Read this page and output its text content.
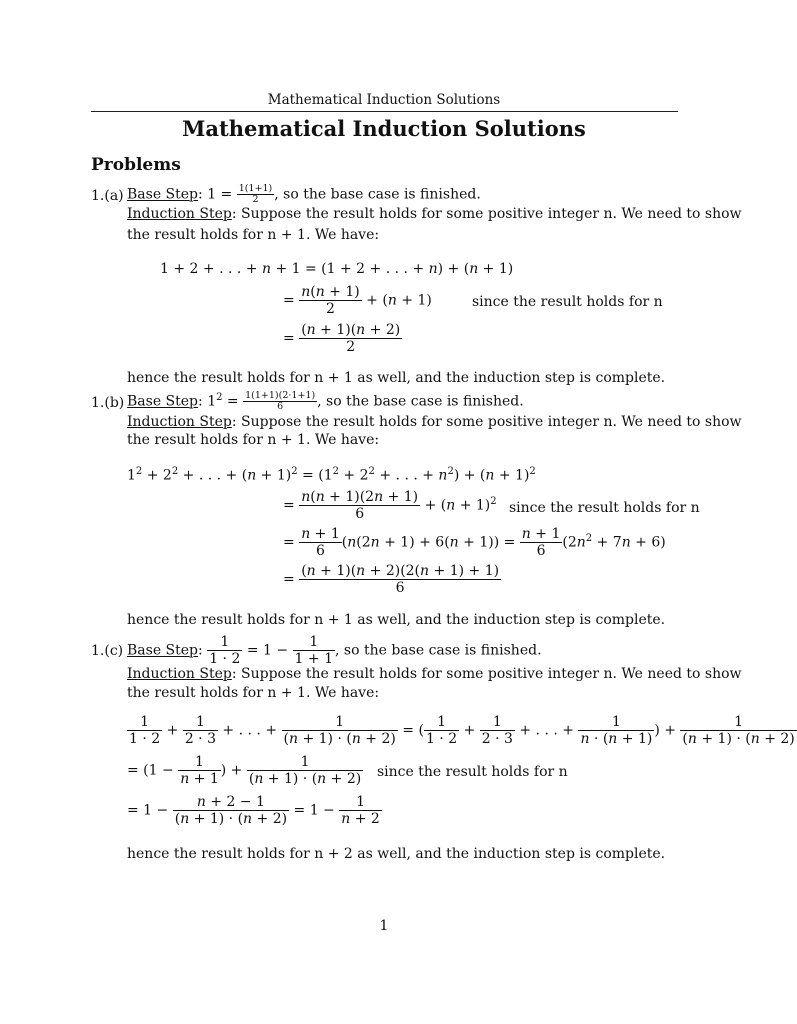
Mathematical Induction Solutions
Mathematical Induction Solutions
Problems
1.(a) Base Step: $1 = \frac{1(1+1)}{2}$ , so the base case is finished.
Induction Step: Suppose the result holds for some positive integer n. We need to show
the result holds for n + 1. We have:
1 + 2 + . . . + n + 1 = (1 + 2 + . . . + n) + (n + 1)
= $\frac{n(n + 1)}{2} + (n + 1)$	since the result holds for n
= $\frac{(n + 1)(n + 2)}{2}$
hence the result holds for n + 1 as well, and the induction step is complete.
1.(b) Base Step: $1^2 = \frac{1(1+1)(2\cdot 1+1)}{6}$ , so the base case is finished.
Induction Step: Suppose the result holds for some positive integer n. We need to show
the result holds for n + 1. We have:
$1^2 + 2^2$ + . . . + $(n + 1)^2 = (1^2 + 2^2$ + . . . + $n^2) + (n + 1)^2$
= $\frac{n(n + 1)(2n + 1)}{6} + (n + 1)^2$ since the result holds for n
= $\frac{n + 1}{6} (n(2n + 1) + 6(n + 1)) = \frac{n + 1}{6} (2n^2 + 7n + 6)$
= $\frac{(n + 1)(n + 2)(2(n + 1) + 1)}{6}$
hence the result holds for n + 1 as well, and the induction step is complete.
1.(c) Base Step: $\frac{1}{1 \cdot 2} = 1 - \frac{1}{1 + 1}$ , so the base case is finished.
Induction Step: Suppose the result holds for some positive integer n. We need to show
the result holds for n + 1. We have:
$\frac{1}{1 \cdot 2} + \frac{1}{2 \cdot 3}$ + . . . + $\frac{1}{(n + 1) \cdot (n + 2)}$ = ( $\frac{1}{1 \cdot 2} + \frac{1}{2 \cdot 3}$ + . . . + $\frac{1}{n \cdot (n + 1)}$ ) + $\frac{1}{(n + 1) \cdot (n + 2)}$
= ($1 - \frac{1}{n + 1}$ ) + $\frac{1}{(n + 1) \cdot (n + 2)}$ since the result holds for n
= $1 - \frac{n + 2 - 1}{(n + 1) \cdot (n + 2)} = 1 - \frac{1}{n + 2}$
hence the result holds for n + 2 as well, and the induction step is complete.
1
